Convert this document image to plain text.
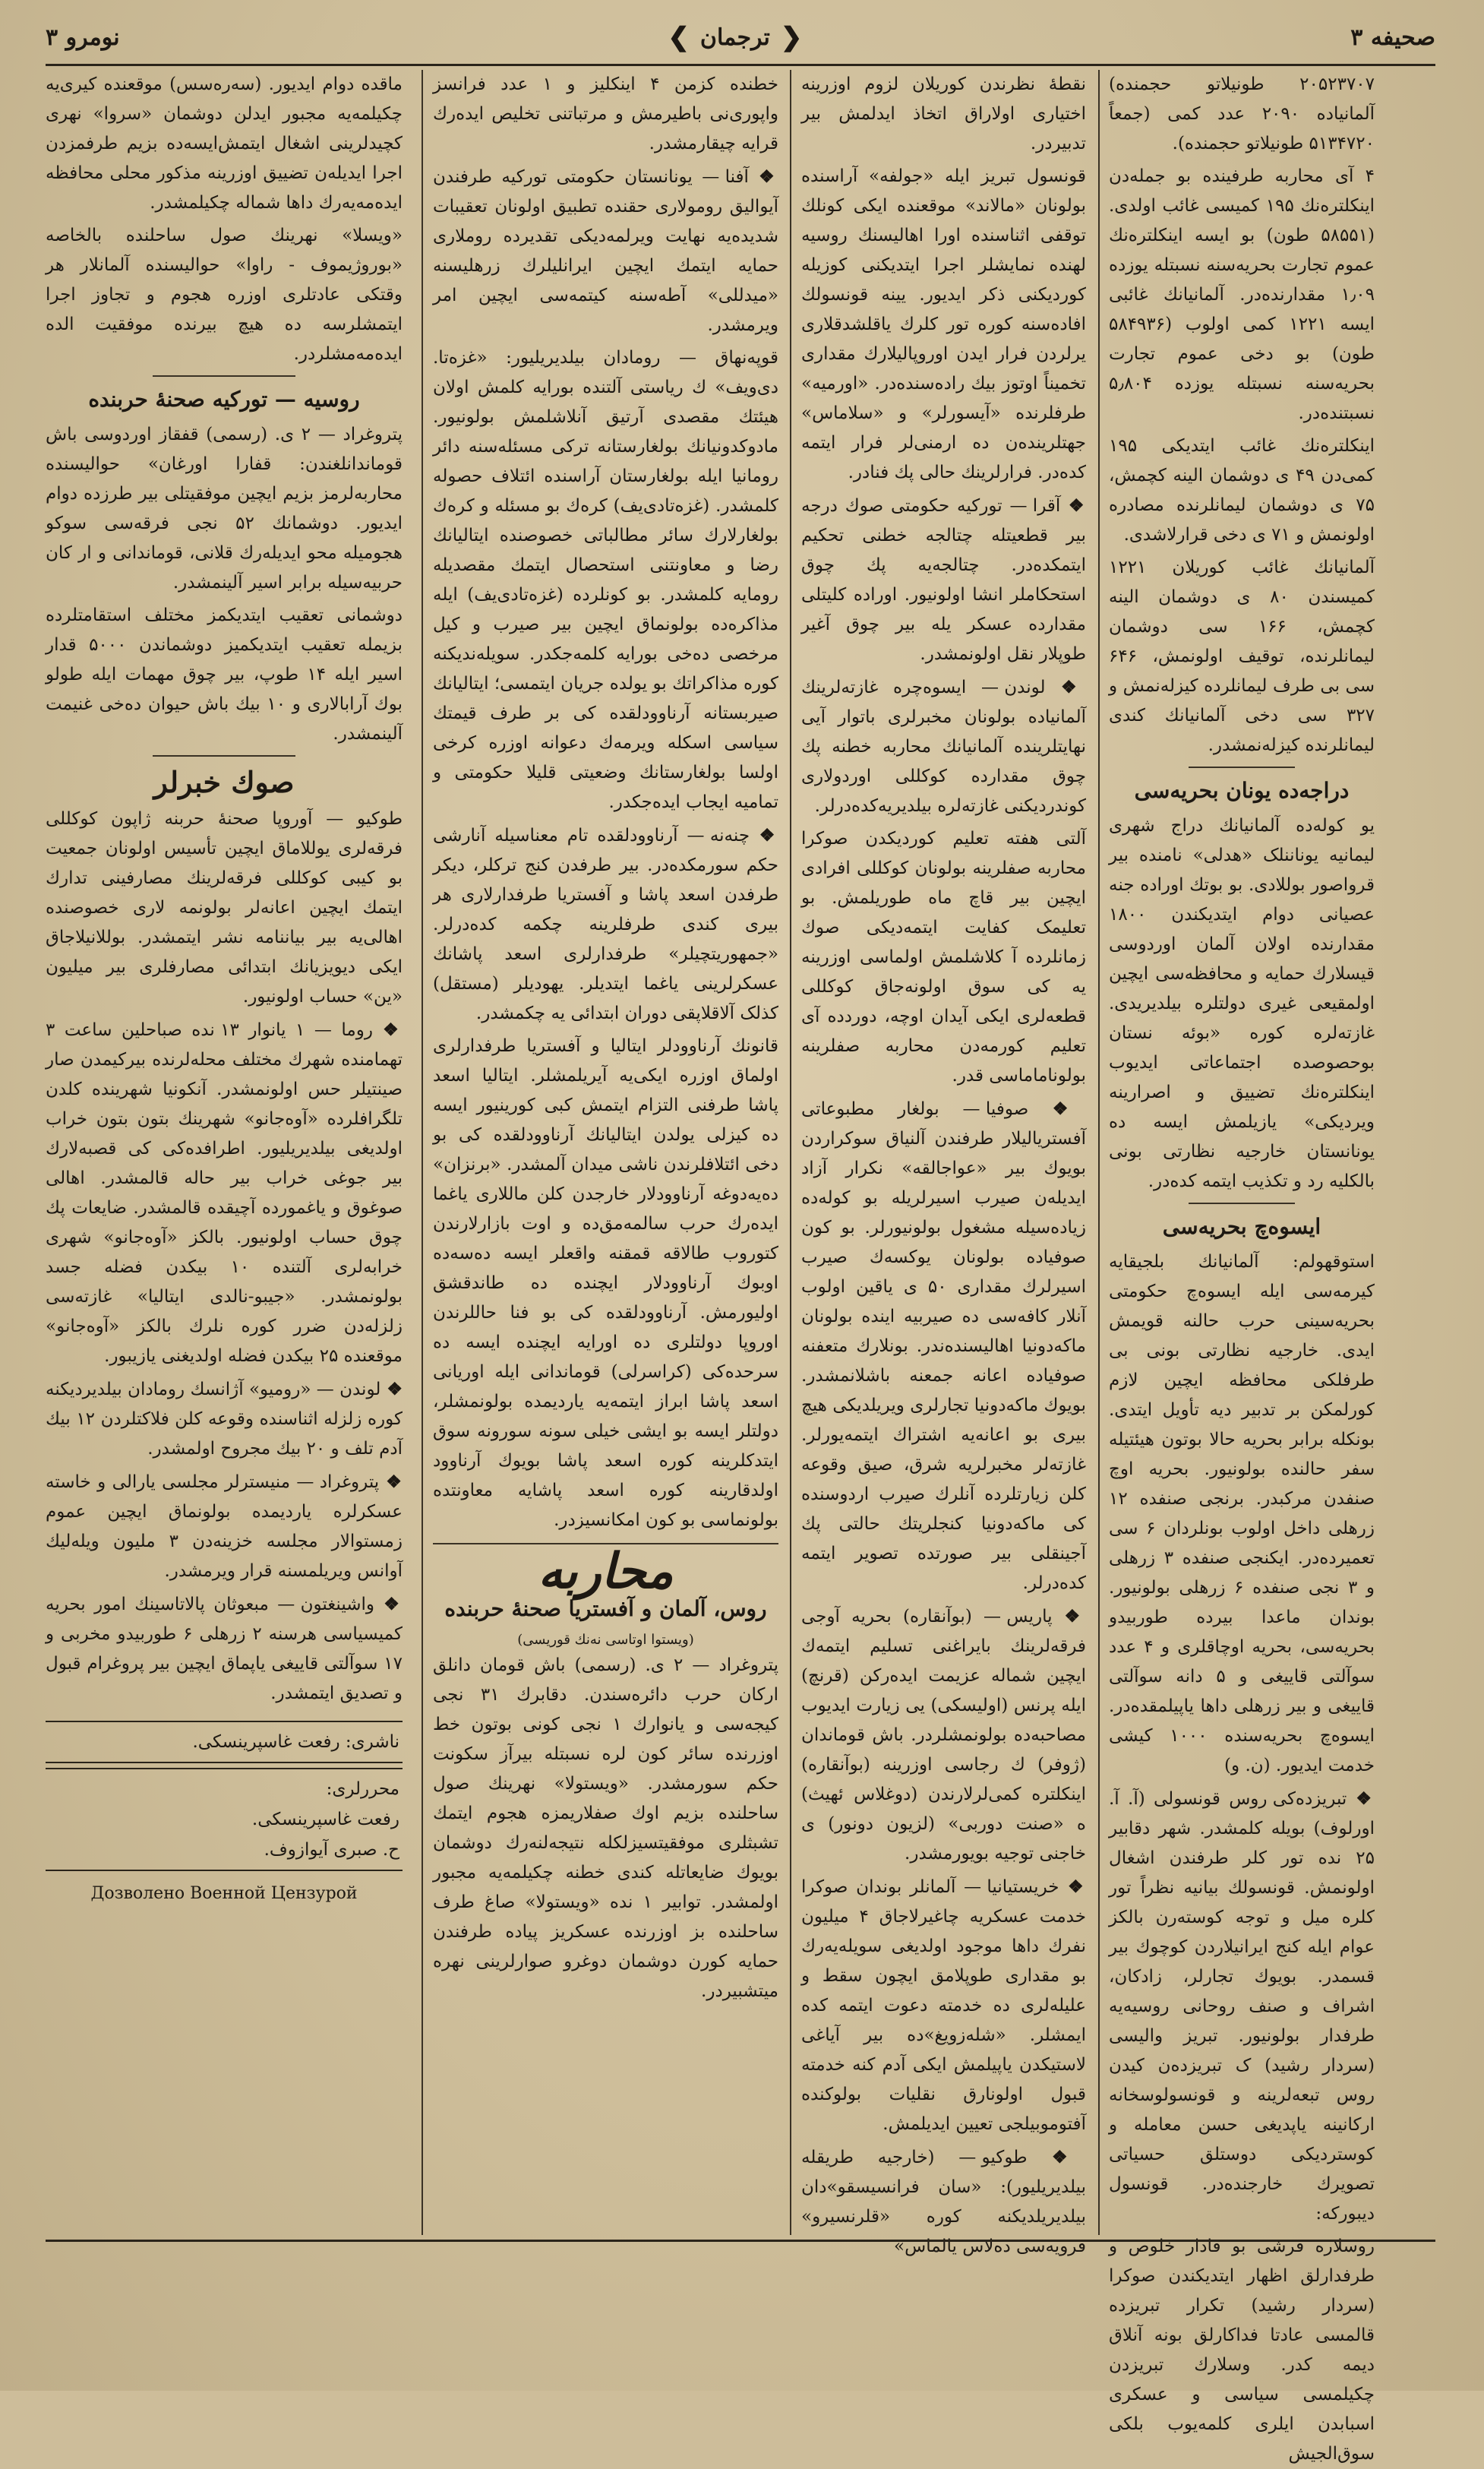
صحیفه ۳
❮
ترجمان
❯
نومرو ۳

۲۰۵۲۳۷۰۷ طونیلاتو حجمنده) آلمانیاده ۲۰۹۰ عدد کمی (جمعاً ۵۱۳۴۷۲۰ طونیلاتو حجمنده).

۴ آی محاربه طرفینده بو جمله‌دن اینکلتره‌نك ۱۹۵ کمیسی غائب اولدی. (۵۸۵۵۱ طون) بو ایسه اینکلتره‌نك عموم تجارت بحریه‌سنه نسبتله یوزده ۱٫۰۹ مقدارندەدر. آلمانیانك غائبی ایسه ۱۲۲۱ کمی اولوب (۵۸۴۹۳۶ طون) بو دخی عموم تجارت بحریه‌سنه نسبتله یوزده ۵٫۸۰۴ نسبتنده‌در.

اینکلتره‌نك غائب ایتدیکی ۱۹۵ کمی‌دن ۴۹ ی دوشمان الینه کچمش، ۷۵ ی دوشمان لیمانلرنده مصادره اولونمش و ۷۱ ی دخی قرارلاشدی.

آلمانیانك غائب کوریلان ۱۲۲۱ کمیسندن ۸۰ ی دوشمان الینه کچمش، ۱۶۶ سی دوشمان لیمانلرنده، توقیف اولونمش، ۶۴۶ سی بی طرف لیمانلرده کیزلەنمش و ۳۲۷ سی دخی آلمانیانك کندی لیمانلرنده کیزلەنمشدر.

دراجه‌ده یونان بحریه‌سی

یو کوله‌ده آلمانیانك دراج شهری لیمانیه یوناننلک «هدلی» نامنده بیر قرواصور بوللادی. بو بوتك اوراده جنه عصیانی دوام ایتدیکندن ۱۸۰۰ مقدارنده اولان آلمان اوردوسی قیسلارك حمایه و محافظه‌سی ایچین اولمقیعی غیری دولتلره بیلدیریدی. غازته‌لره کوره «بوئه نستان بوحصوصده اجتماعاتی ایدیوب اینکلتره‌نك تضییق و اصرارینه ویردیکی» یازیلمش ایسه ده یونانستان خارجیه نظارتی بونی بالکلیه رد و تکذیب ایتمه کده‌در.

ایسوه‌چ بحریه‌سی

استوقهولم: آلمانیانك بلجیقایه کیرمه‌سی ایله ایسوه‌چ حکومتی بحریه‌سینی حرب حالنه قویمش ایدی. خارجیه نظارتی بونی بی طرفلکی محافظه ایچین لازم کورلمکن بر تدبیر دیه تأویل ایتدی. بونکله برابر بحریه حالا بوتون هیئتیله سفر حالنده بولونیور. بحریه اوچ صنفدن مرکبدر. برنجی صنفده ۱۲ زرهلی داخل اولوب بونلردان ۶ سی تعمیرده‌در. ایکنجی صنفده ۳ زرهلی و ۳ نجی صنفده ۶ زرهلی بولونیور. بوندان ماعدا بیرده طوربیدو بحریه‌سی، بحریه اوچاقلری و ۴ عدد سوآلتی قاییغی و ۵ دانه سوآلتی قاییغی و بیر زرهلی داها یاپیلمقده‌در. ایسوه‌چ بحریه‌سنده ۱۰۰۰ کیشی خدمت ایدیور. (ن. و)

❖ تبریزده‌کی روس قونسولی (آ. آ. اورلوف) بویله کلمشدر. شهر دقابیر ۲۵ نده تور کلر طرفندن اشغال اولونمش. قونسولك بیانیه نظراً تور کلره میل و توجه کوستەرن بالکز عوام ایله کنج ایرانیلاردن کوچوك بیر قسمدر. بویوك تجارلر، زادکان، اشراف و صنف روحانی روسیه‌یه طرفدار بولونیور. تبریز والیسی (سردار رشید) ک تبریزده‌ن کیدن روس تبعەلرینه و قونسولوسخانه ارکانینه یاپدیغی حسن معامله و کوستردیکی دوستلق حسیاتی تصویرك خارجنده‌در. قونسول دیبورکه:

روسلاره قرشی بو قادار خلوص و طرفدارلق اظهار ایتدیکندن صوکرا (سردار رشید) تکرار تبریزده قالمسی عادتا فداکارلق بونه آنلاق دیمه کدر. وسلارك تبریزدن چکیلمسی سیاسی و عسکری اسبابدن ایلری کلمه‌یوب بلکی سوق‌الجیش

نقطهٔ نظرندن کوریلان لزوم اوزرینه اختیاری اولاراق اتخاذ ایدلمش بیر تدبیردر.

قونسول تبریز ایله «جولفه» آراسنده بولونان «مالاند» موقعنده ایکی کونلك توقفی اثناسنده اورا اهالیسنك روسیه لهنده نمایشلر اجرا ایتدیکنی کوزیله کوردیکنی ذکر ایدیور. یینه قونسولك افاده‌سنه کوره تور کلرك یاقلشدقلاری یرلردن فرار ایدن اوروپالیلارك مقداری تخمیناً اوتوز بیك راده‌سنده‌در. «اورمیه» طرفلرنده «آیسورلر» و «سلاماس» جهتلرینده‌ن ده ارمنی‌لر فرار ایتمه کده‌در. فرارلرینك حالی پك فنادر.

❖ آقرا — تورکیه حکومتی صوك درجه بیر قطعیتله چتالجه خطنی تحکیم ایتمکده‌در. چتالجه‌یه پك چوق استحکاملر انشا اولونیور. اوراده کلیتلی مقدارده عسکر یله بیر چوق آغیر طوپلار نقل اولونمشدر.

❖ لوندن — ایسوه‌چره غازته‌لرینك آلمانیاده بولونان مخبرلری باتوار آیی نهایتلرینده آلمانیانك محاربه خطنه پك چوق مقدارده کوکللی اوردولاری کوندردیکنی غازته‌لره بیلدیریه‌کده‌درلر.

آلتی هفته تعلیم کوردیکدن صوکرا محاربه صفلرینه بولونان کوکللی افرادی ایچین بیر قاچ ماه طوریلمش. بو تعلیمک کفایت ایتمه‌دیکی صوك زمانلرده آ کلاشلمش اولماسی اوزرینه یه کی سوق اولونه‌جاق کوکللی قطعه‌لری ایکی آیدان اوچه، دوردده آی تعلیم کورمه‌دن محاربه صفلرینه بولوناماماسی قدر.

❖ صوفیا — بولغار مطبوعاتی آفستریا‌لیلار طرفندن آلنیاق سوکراردن بویوك بیر «عواجالقه» نکرار آزاد ایدیلەن صیرب اسیرلریله بو کوله‌ده زیاده‌سیله مشغول بولونیورلر. بو کون صوفیاده بولونان یوکسه‌ك صیرب اسیرلرك مقداری ۵۰ ی یاقین اولوب آنلار کافه‌سی ده صیربیه اینده بولونان ماکه‌دونیا اهالیسنده‌ندر. بونلارك متعفنه صوفیاده اعانه جمعنه باشلانمشدر. بویوك ماکه‌دونیا تجارلری ویریلدیکی هیچ بیری بو اعانه‌یه اشتراك ایتمه‌یورلر. غازته‌لر مخبرلریه شرق، صیق وقوعه کلن زیارتلرده آنلرك صیرب اردوسنده کی ماکه‌دونیا کنجلریتك حالتی پك آجینقلی بیر صورتده تصویر ایتمه کده‌درلر.

❖ پاریس — (بوآنقاره) بحریه آوجی فرقه‌لرینك بایراغنی تسلیم ایتمه‌ك ایچین شماله عزیمت ایدەرکن (قرنچ) ایله پرنس (اولیسکی) یی زیارت ایدیوب مصاحبه‌ده بولونمشلردر. باش قوماندان (ژوفر) ك رجاسی اوزرینه (بوآنقاره) اینکلتره کمی‌لرلارندن (دوغلاس ئهیث) ‌ه «صنت دوربی» (لزیون دونور) ی خاجنی توجیه بویورمشدر.

❖ خریستیانیا — آلمانلر بوندان صوکرا خدمت عسکریه چاغیرلاجاق ۴ میلیون نفرك داها موجود اولدیغی سویله‌یه‌رك بو مقداری طوپلامق ایچون سقط و علیله‌لری ده خدمته دعوت ایتمه کده ایمشلر. «شله‌زویغ»ده بیر آیاغی لاستیکدن یاپیلمش ایکی آدم کنه خدمته قبول اولونارق نقلیات بولوکنده آفتوموبیلجی تعیین ایدیلمش.

❖ طوکیو — (خارجیه طریقله بیلدیریلیور): «سان فرانسیسقو»دان بیلدیریلدیکنه کوره «قلرنسیرو» قرویه‌سی ده‌لاس یالماس»

خطنده کزمن ۴ اینکلیز و ۱ عدد فرانسز واپوری‌نی باطیرمش و مرتباتنی تخلیص ایده‌رك قرایه چیقارمشدر.

❖ آفنا — یونانستان حکومتی تورکیه طرفندن آیوالیق رومولاری حقنده تطبیق اولونان تعقیبات شدیده‌یه نهایت ویرلمه‌دیکی تقدیرده روملاری حمایه ایتمك ایچین ایرانلیلرك زرهلیسنه «میدللی» آطه‌سنه کیتمه‌سی ایچین امر ویرمشدر.

قوپه‌نهاق — رومادان بیلدیریلیور: «غزەتا. دی‌ویف» ك ریاستی آلتنده بورایه کلمش اولان هیئتك مقصدی آرتیق آنلاشلمش بولونیور. مادوکدونیانك بولغارستانه ترکی مسئله‌سنه دائر روما‌نیا ایله بولغارستان آراسنده ائتلاف حصوله کلمشدر. (غزەتا‌دی‌یف) کرەك بو مسئله و کرەك بولغارلارك سائر مطالباتی خصوصنده ایتالیانك رضا و معاونتنی استحصال ایتمك مقصدیله رومایه کلمشدر. بو کونلرده (غزەتا‌دی‌یف) ایله مذاکره‌ده بولونماق ایچین بیر صیرب و کیل مرخصی ده‌خی بورایه کلمه‌جکدر. سویلەندیکنه کوره مذاکراتك بو یولده جریان ایتمسی؛ ایتالیانك صیربستانه آرناوودلقده کی بر طرف قیمتك سیاسی اسکله ویرمه‌ك دعوانه اوزره کرخی اولسا بولغارستانك وضعیتی قلیلا حکومتی و تمامیه ایجاب ایده‌جکدر.

❖ چنه‌نه — آرناوودلقده تام معنا‌سیله آنارشی حکم سورمکده‌در. بیر طرفدن کنج ترکلر، دیکر طرفدن اسعد پاشا و آفستریا طرفدارلاری هر بیری کندی طرفلرینه چکمه کده‌درلر. «جمهوریتچیلر» طرفدارلری اسعد پاشانك عسکرلرینی یاغما ایتدیلر. یهودیلر (مستقل) کذلک آلاقلاپقی دوران ابتدائی یه چکمشدر.

قانونك آرناوودلر ایتالیا و آفستریا طرفدارلری اولماق اوزره ایکی‌یه آیریلمشلر. ایتالیا اسعد پاشا طرفنی التزام ایتمش کبی کورینیور ایسه ده کیزلی یولدن ایتالیانك آرناوودلقده کی بو دخی ائتلافلرندن ناشی میدان آلمشدر. «برنزان» ده‌یه‌دوغه آرناوودلار خارجدن کلن ماللاری یاغما ایده‌رك حرب سالمه‌مق‌ده و اوت بازارلارندن کتوروب طالاقه قمقنه واقعلر ایسه ده‌سه‌ده اوبوك آرناوودلار ایچنده ده طاندقشق اولیورمش. آرناوودلقده کی بو فنا حاللرندن اوروپا دولتلری ده اورایه ایچنده ایسه ده سرحده‌کی (کراسرلی) قوماندانی ایله اوریانی اسعد پاشا ابراز ایتمه‌یه یاردیمده بولونمشلر، دولتلر ایسه بو ایشی خیلی سونه سورونه سوق ایتدکلرینه کوره اسعد پاشا بویوك آرناوود اولدقارینه کوره اسعد پاشایه معاونتده بولونماسی بو کون امکانسیزدر.

محاربه
روس، آلمان و آفستریا صحنهٔ حربنده
(ویستوا اوتاسی نه‌نك قوریسی)

پتروغراد — ۲ ی. (رسمی) باش قومان دانلق اركان حرب دائره‌سندن. دقابرك ۳۱ نجی کیجه‌سی و یانوارك ۱ نجی کونی بوتون خط اوزرنده سائر کون لره نسبتله بیرآز سکونت حکم سورمشدر. «ویستولا» نهرینك صول ساحلنده بزیم اوك صفلاریمزه هجوم ایتمك تشبثلری موفقیتسیزلکله نتیجەلنه‌رك دوشمان بویوك ضایعاتله کندی خطنه چکیلمه‌یه مجبور اولمشدر. توابیر ۱ نده «ویستولا» صاغ طرف ساحلنده بز اوزرنده عسکریز پیاده طرفندن حمایه کورن دوشمان دوغرو صوارلرینی نهره میتشبیردر.

ماقده دوام ایدیور. (سەرەسس) موقعنده کیری‌یه چکیلمه‌یه مجبور ایدلن دوشمان «سروا» نهری کچیدلرینی اشغال ایتمش‌ایسه‌ده بزیم طرفمزدن اجرا ایدیلەن تضییق اوزرینه مذکور محلی محافظه ایده‌مه‌یه‌رك داها شماله چکیلمشدر.

«ویسلا» نهرینك صول ساحلنده بالخاصه «بوروژیموف - راوا» حوالیسنده آلمانلار هر وقتکی عادتلری اوزره هجوم و تجاوز اجرا ایتمشلرسه ده هیچ بیرنده موفقیت الده ایده‌مه‌مشلردر.

روسیه — تورکیه صحنهٔ حربنده

پتروغراد — ۲ ی. (رسمی) قفقاز اوردوسی باش قوماندانلغندن: قفارا اورغان» حوالیسنده محاربه‌لرمز بزیم ایچین موفقیتلی بیر طرزده دوام ایدیور. دوشمانك ۵۲ نجی فرقه‌سی سوکو هجومیله محو ایدیلەرك قلانی، قوماندانی و ار کان حربیه‌سیله برابر اسیر آلینمشدر.

دوشمانی تعقیب ایتدیکمز مختلف استقامتلرده بزیمله تعقیب ایتدیکمیز دوشماندن ۵۰۰۰ قدار اسیر ایله ۱۴ طوپ، بیر چوق مهمات ایله طولو بوك آرابالاری و ۱۰ بیك باش حیوان ده‌خی غنیمت آلینمشدر.

صوك خبرلر

طوکیو — آوروپا صحنهٔ حربنه ژاپون کوکللی فرقه‌لری یوللاماق ایچین تأسیس اولونان جمعیت بو کیبی کوکللی فرقه‌لرینك مصارفینی تدارك ایتمك ایچین اعانه‌لر بولونمه لاری خصوصنده اهالی‌یه بیر بیاننامه نشر ایتمشدر. بوللانیلاجاق ایکی دیویزیانك ابتدائی مصارفلری بیر میلیون «ین» حساب اولونیور.

❖ روما — ۱ یانوار ۱۳ نده صباحلین ساعت ۳ تهمامنده شهرك مختلف محله‌لرنده بیرکیمدن صار صینتیلر حس اولونمشدر. آنکونیا شهرینده کلدن تلگرافلرده «آوه‌جانو» شهرینك بتون بتون خراب اولدیغی بیلدیریلیور. اطرافده‌کی کی قصبه‌لارك بیر جوغی خراب بیر حاله قالمشدر. اهالی صوغوق و یاغمورده آچیقده قالمشدر. ضایعات پك چوق حساب اولونیور. بالکز «آوه‌جانو» شهری خرابه‌لری آلتنده ۱۰ بیکدن فضله جسد بولونمشدر. «جیبو-نالدی ایتالیا» غازته‌سی زلزله‌دن ضرر کوره نلرك بالکز «آوه‌جانو» موقعنده ۲۵ بیکدن فضله اولدیغنی یازیبور.

❖ لوندن — «رومیو» آژانسك رومادان بیلدیردیکنه کوره زلزله اثناسنده وقوعه کلن فلاکتلردن ۱۲ بیك آدم تلف و ۲۰ بیك مجروح اولمشدر.

❖ پتروغراد — منیسترلر مجلسی یارالی و خاسته عسکرلره یاردیمده بولونماق ایچین عموم زمستوالار مجلسه خزینه‌دن ۳ ملیون ویله‌لیك آوانس ویریلمسنه قرار ویرمشدر.

❖ واشینغتون — مبعوثان پالاتاسینك امور بحریه کمیسیاسی هرسنه ۲ زرهلی ۶ طوربیدو مخربی و ۱۷ سوآلتی قاییغی یاپماق ایچین بیر پروغرام قبول و تصدیق ایتمشدر.

ناشری: رفعت غاسپرینسکی.
محررلری:
رفعت غاسپرینسکی.
ح. صبری آیوازوف.
Дозволено Военной Цензурой
